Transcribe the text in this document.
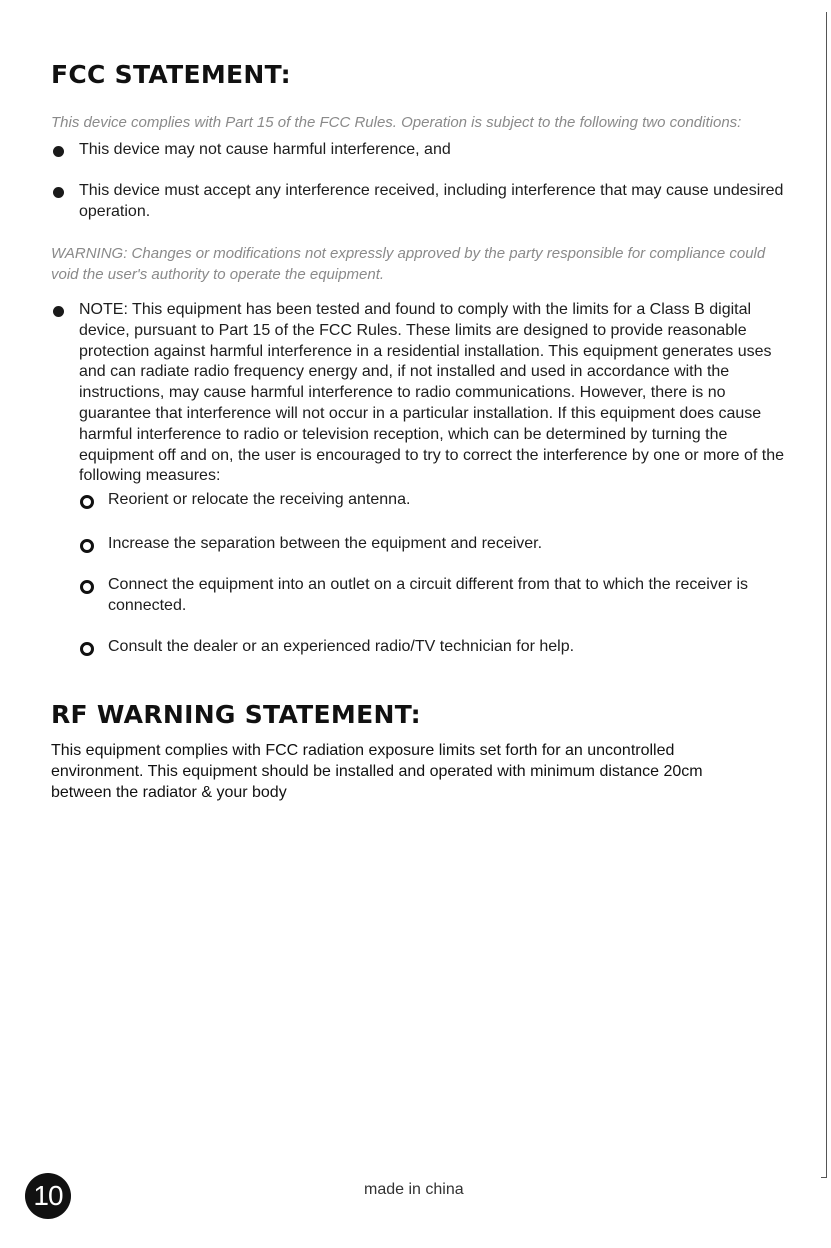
FCC STATEMENT:

This device complies with Part 15 of the FCC Rules. Operation is subject to the following two conditions:

This device may not cause harmful interference, and
This device must accept any interference received, including interference that may cause undesired operation.

WARNING: Changes or modifications not expressly approved by the party responsible for compliance could void the user's authority to operate the equipment.

NOTE: This equipment has been tested and found to comply with the limits for a Class B digital device, pursuant to Part 15 of the FCC Rules. These limits are designed to provide reasonable protection against harmful interference in a residential installation. This equipment generates uses and can radiate radio frequency energy and, if not installed and used in accordance with the instructions, may cause harmful interference to radio communications. However, there is no guarantee that interference will not occur in a particular installation. If this equipment does cause harmful interference to radio or television reception, which can be determined by turning the equipment off and on, the user is encouraged to try to correct the interference by one or more of the following measures:
Reorient or relocate the receiving antenna.
Increase the separation between the equipment and receiver.
Connect the equipment into an outlet on a circuit different from that to which the receiver is connected.
Consult the dealer or an experienced radio/TV technician for help.
RF WARNING STATEMENT:

This equipment complies with FCC radiation exposure limits set forth for an uncontrolled environment. This equipment should be installed and operated with minimum distance 20cm between the radiator & your body

10	made in china
